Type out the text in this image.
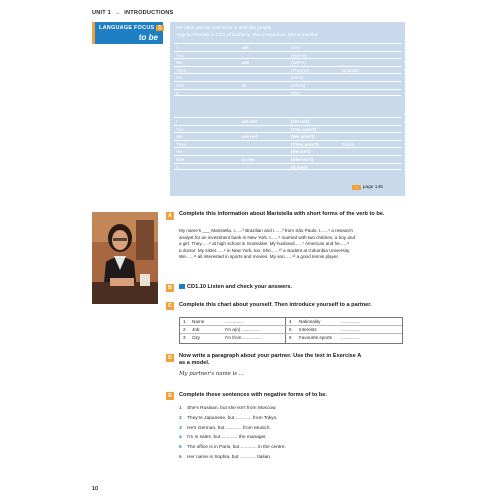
UNIT 1 ↔ INTRODUCTIONS
LANGUAGE FOCUS 1
to be
We often use the verb to be to describe people.
Angela Ahrendts is CEO of Burberry. She is American. She is married.
I	am	(I'm)
You	(You're)
We	are	(We're)
They	(They're)	Spanish.
He	(He's)
She	is	(She's)
It	(It's)
I	am not	(I'm not)
You	(You aren't)
We	are not	(We aren't)
They	(They aren't)	Italian.
He	(He isn't)
She	is not	(She isn't)
It	(It isn't)
→ page 145
A	Complete this information about Maristella with short forms of the verb to be.
My name's ___ Maristella. I......² Brazilian and I......³ from São Paulo. I......⁴ a research
analyst for an investment bank in New York. I......⁵ married with two children, a boy and
a girl. They......⁶ at high school in Scarsdale. My husband......⁷ American and he......⁸
a doctor. My sister......⁹ in New York, too. She......¹⁰ a student at Columbia University.
We......¹¹ all interested in sports and movies. My son......¹² a good tennis player.
B	CD1.10 Listen and check your answers.
C	Complete this chart about yourself. Then introduce yourself to a partner.
1 Name	...............	4 Nationality	...............
2 Job	I'm a(n) ...............	5 Interests	...............
3 City	I'm from ...............	6 Favourite sports ...............
D	Now write a paragraph about your partner. Use the text in Exercise A
as a model.
My partner's name is ...
E	Complete these sentences with negative forms of to be.
1 She's Russian, but she isn't from Moscow.
2 They're Japanese, but ............ from Tokyo.
3 He's German, but ............ from Munich.
4 I'm in sales, but ............ the manager.
5 The office is in Paris, but ............ in the centre.
6 Her name is Sophia, but ............ Italian.
10
